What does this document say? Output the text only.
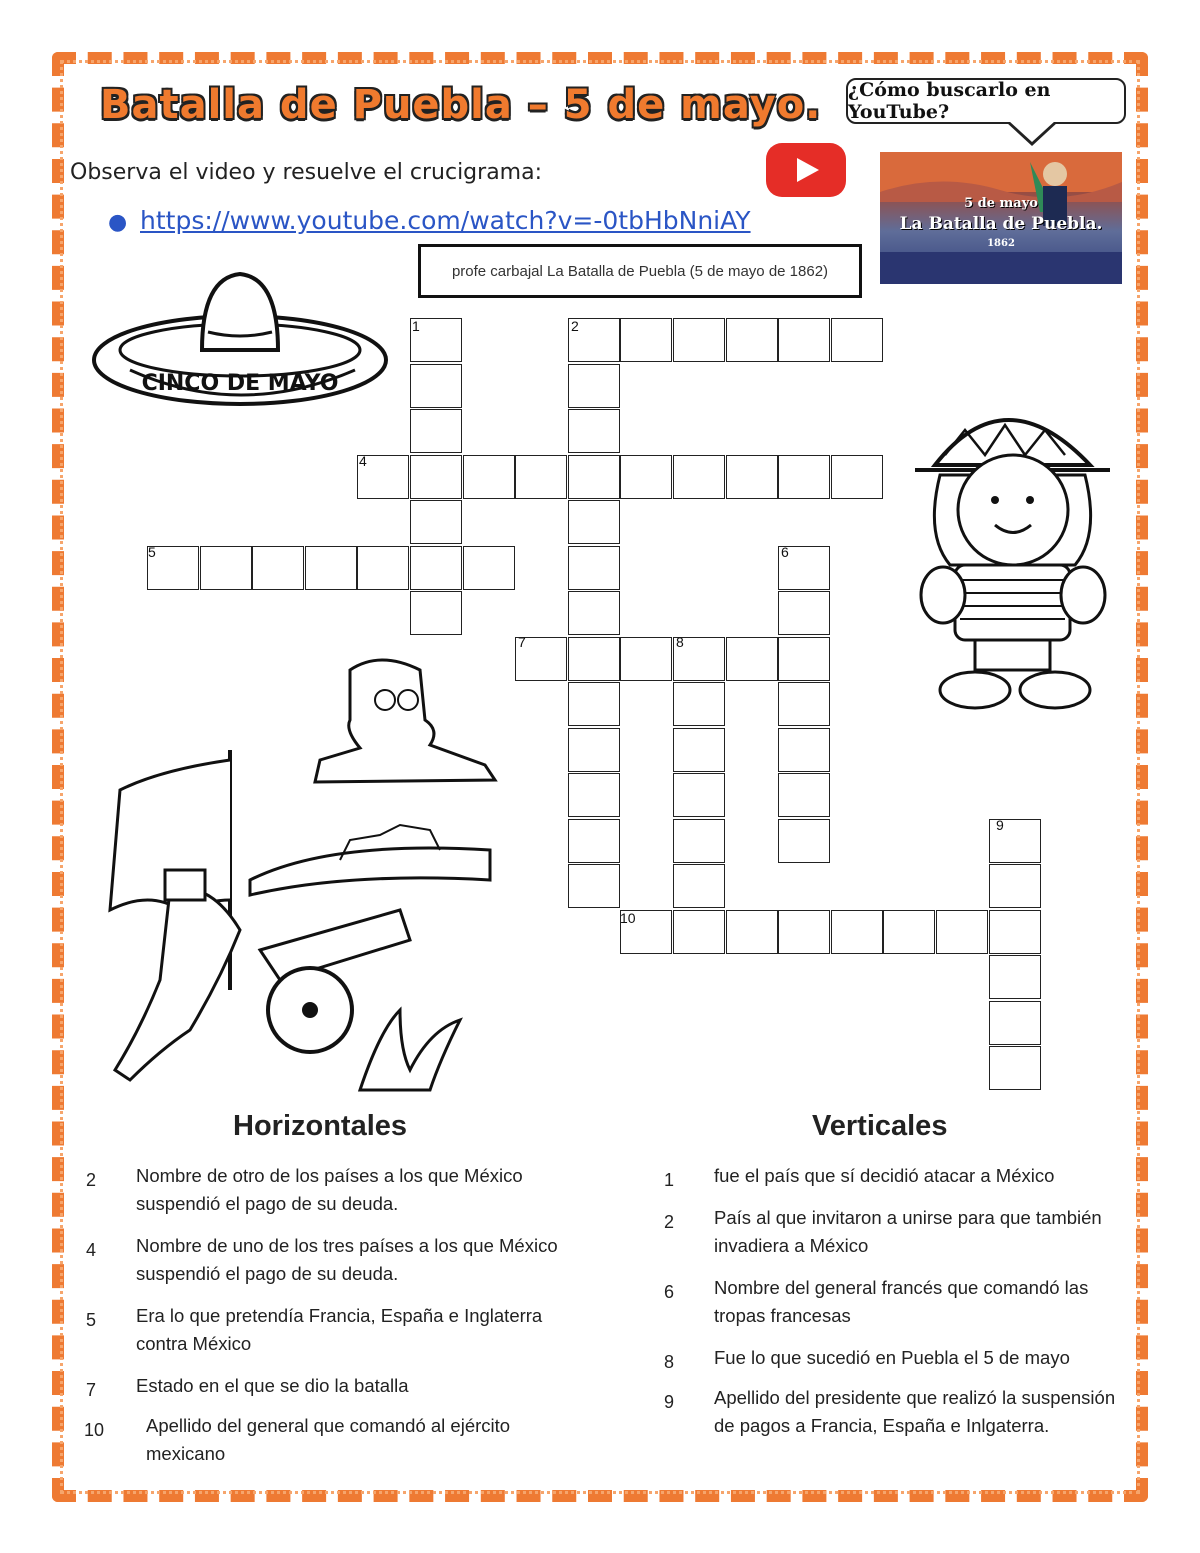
Batalla de Puebla – 5 de mayo. ¿Cómo buscarlo en YouTube?
Observa el video y resuelve el crucigrama:
● https://www.youtube.com/watch?v=-0tbHbNniAY
5 de mayo
La Batalla de Puebla.
1862
profe carbajal La Batalla de Puebla (5 de mayo de 1862)
CINCO DE MAYO
1	2
4
5	6
7	8
9
10
Horizontales	Verticales
2 Nombre de otro de los países a los que México
suspendió el pago de su deuda.
4 Nombre de uno de los tres países a los que México
suspendió el pago de su deuda.
5 Era lo que pretendía Francia, España e Inglaterra
contra México
7 Estado en el que se dio la batalla
10 Apellido del general que comandó al ejército
mexicano
1 fue el país que sí decidió atacar a México
2 País al que invitaron a unirse para que también
invadiera a México
6 Nombre del general francés que comandó las
tropas francesas
8 Fue lo que sucedió en Puebla el 5 de mayo
9 Apellido del presidente que realizó la suspensión
de pagos a Francia, España e Inlgaterra.
